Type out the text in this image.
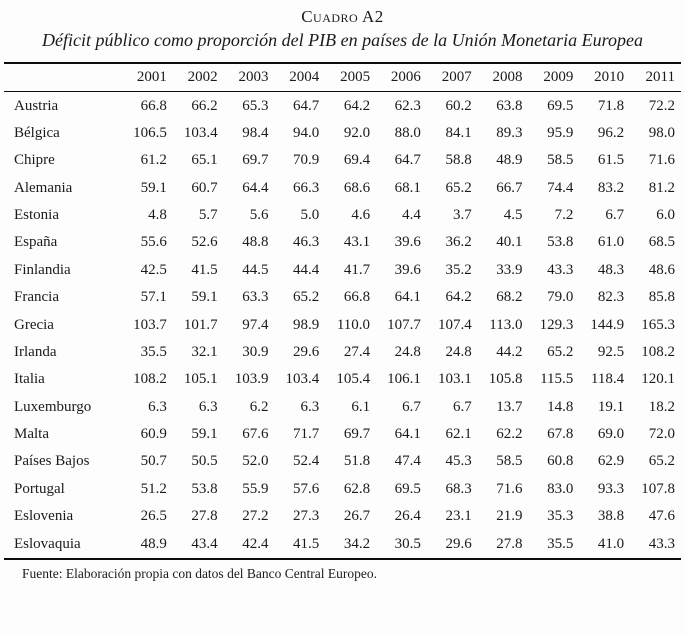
Cuadro A2
Déficit público como proporción del PIB en países de la Unión Monetaria Europea
	2001	2002	2003	2004	2005	2006	2007	2008	2009	2010	2011
Austria	66.8	66.2	65.3	64.7	64.2	62.3	60.2	63.8	69.5	71.8	72.2
Bélgica	106.5	103.4	98.4	94.0	92.0	88.0	84.1	89.3	95.9	96.2	98.0
Chipre	61.2	65.1	69.7	70.9	69.4	64.7	58.8	48.9	58.5	61.5	71.6
Alemania	59.1	60.7	64.4	66.3	68.6	68.1	65.2	66.7	74.4	83.2	81.2
Estonia	4.8	5.7	5.6	5.0	4.6	4.4	3.7	4.5	7.2	6.7	6.0
España	55.6	52.6	48.8	46.3	43.1	39.6	36.2	40.1	53.8	61.0	68.5
Finlandia	42.5	41.5	44.5	44.4	41.7	39.6	35.2	33.9	43.3	48.3	48.6
Francia	57.1	59.1	63.3	65.2	66.8	64.1	64.2	68.2	79.0	82.3	85.8
Grecia	103.7	101.7	97.4	98.9	110.0	107.7	107.4	113.0	129.3	144.9	165.3
Irlanda	35.5	32.1	30.9	29.6	27.4	24.8	24.8	44.2	65.2	92.5	108.2
Italia	108.2	105.1	103.9	103.4	105.4	106.1	103.1	105.8	115.5	118.4	120.1
Luxemburgo	6.3	6.3	6.2	6.3	6.1	6.7	6.7	13.7	14.8	19.1	18.2
Malta	60.9	59.1	67.6	71.7	69.7	64.1	62.1	62.2	67.8	69.0	72.0
Países Bajos	50.7	50.5	52.0	52.4	51.8	47.4	45.3	58.5	60.8	62.9	65.2
Portugal	51.2	53.8	55.9	57.6	62.8	69.5	68.3	71.6	83.0	93.3	107.8
Eslovenia	26.5	27.8	27.2	27.3	26.7	26.4	23.1	21.9	35.3	38.8	47.6
Eslovaquia	48.9	43.4	42.4	41.5	34.2	30.5	29.6	27.8	35.5	41.0	43.3
Fuente: Elaboración propia con datos del Banco Central Europeo.
